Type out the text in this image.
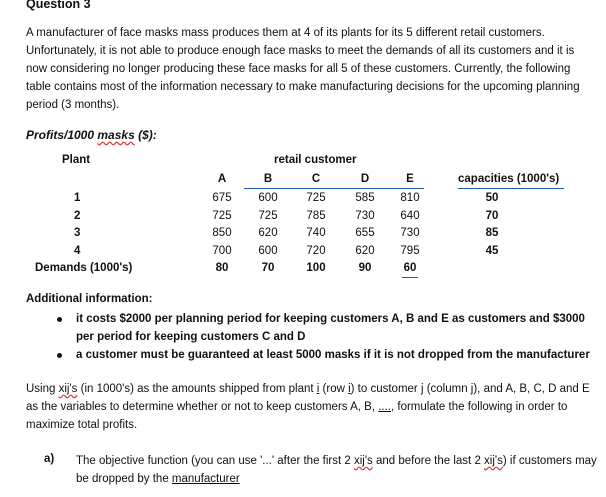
Question 3
A manufacturer of face masks mass produces them at 4 of its plants for its 5 different retail customers. Unfortunately, it is not able to produce enough face masks to meet the demands of all its customers and it is now considering no longer producing these face masks for all 5 of these customers. Currently, the following table contains most of the information necessary to make manufacturing decisions for the upcoming planning period (3 months).
Profits/1000 masks ($):
Plant	retail customer
A	B	C	D	E	capacities (1000's)
1	675	600	725	585	810	50
2	725	725	785	730	640	70
3	850	620	740	655	730	85
4	700	600	720	620	795	45
Demands (1000's)	80	70	100	90	60
Additional information:
it costs $2000 per planning period for keeping customers A, B and E as customers and $3000 per period for keeping customers C and D
a customer must be guaranteed at least 5000 masks if it is not dropped from the manufacturer
Using xij's (in 1000's) as the amounts shipped from plant i (row i) to customer j (column j), and A, B, C, D and E as the variables to determine whether or not to keep customers A, B, ...., formulate the following in order to maximize total profits.
a) The objective function (you can use '...' after the first 2 xij's and before the last 2 xij's) if customers may be dropped by the manufacturer
